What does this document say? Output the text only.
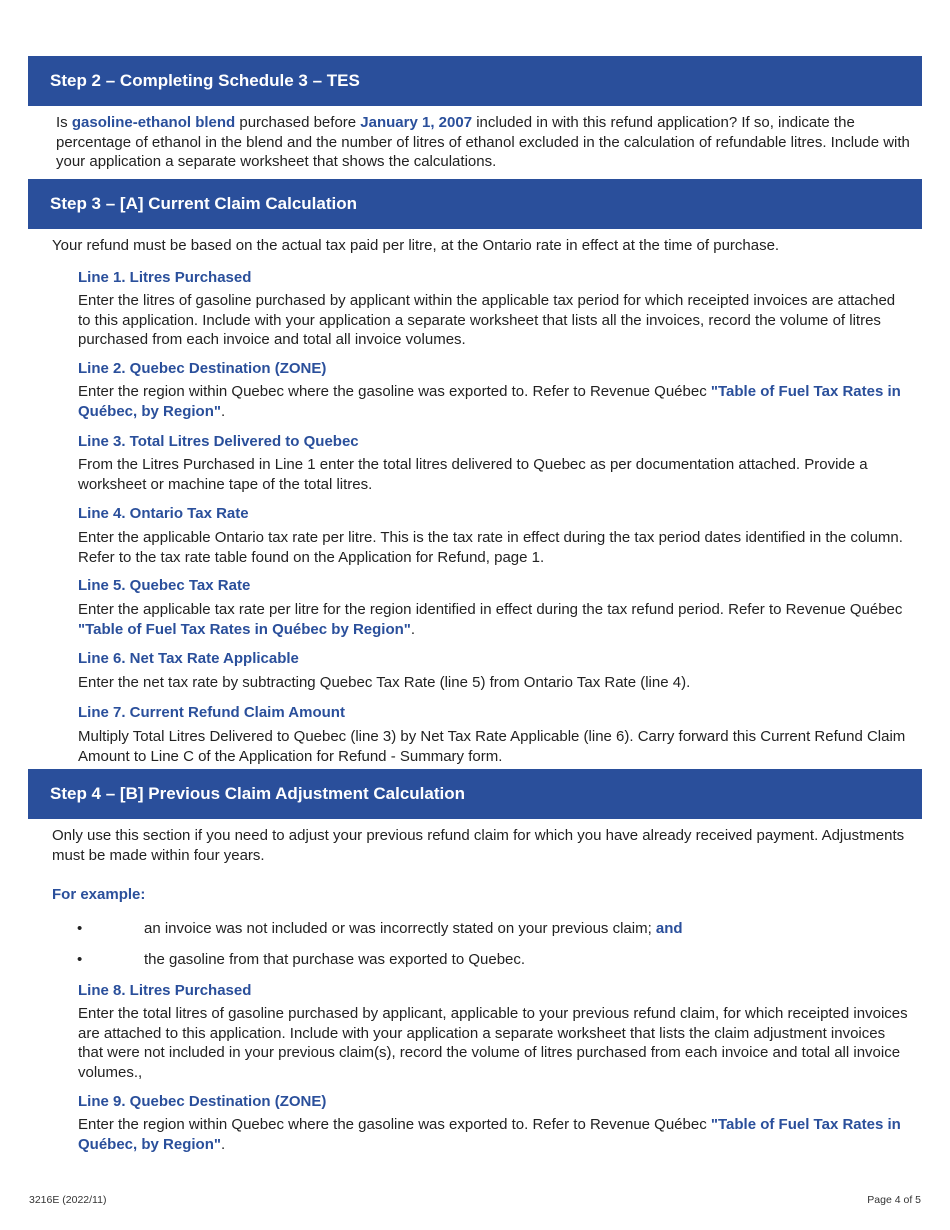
Step 2 – Completing Schedule 3 – TES
Is gasoline-ethanol blend purchased before January 1, 2007 included in with this refund application? If so, indicate the percentage of ethanol in the blend and the number of litres of ethanol excluded in the calculation of refundable litres. Include with your application a separate worksheet that shows the calculations.
Step 3 – [A] Current Claim Calculation
Your refund must be based on the actual tax paid per litre, at the Ontario rate in effect at the time of purchase.
Line 1. Litres Purchased
Enter the litres of gasoline purchased by applicant within the applicable tax period for which receipted invoices are attached to this application. Include with your application a separate worksheet that lists all the invoices, record the volume of litres purchased from each invoice and total all invoice volumes.
Line 2. Quebec Destination (ZONE)
Enter the region within Quebec where the gasoline was exported to. Refer to Revenue Québec "Table of Fuel Tax Rates in Québec, by Region".
Line 3. Total Litres Delivered to Quebec
From the Litres Purchased in Line 1 enter the total litres delivered to Quebec as per documentation attached. Provide a worksheet or machine tape of the total litres.
Line 4. Ontario Tax Rate
Enter the applicable Ontario tax rate per litre. This is the tax rate in effect during the tax period dates identified in the column. Refer to the tax rate table found on the Application for Refund, page 1.
Line 5. Quebec Tax Rate
Enter the applicable tax rate per litre for the region identified in effect during the tax refund period. Refer to Revenue Québec "Table of Fuel Tax Rates in Québec by Region".
Line 6. Net Tax Rate Applicable
Enter the net tax rate by subtracting Quebec Tax Rate (line 5) from Ontario Tax Rate (line 4).
Line 7. Current Refund Claim Amount
Multiply Total Litres Delivered to Quebec (line 3) by Net Tax Rate Applicable (line 6). Carry forward this Current Refund Claim Amount to Line C of the Application for Refund - Summary form.
Step 4 – [B] Previous Claim Adjustment Calculation
Only use this section if you need to adjust your previous refund claim for which you have already received payment. Adjustments must be made within four years.
For example:
•	an invoice was not included or was incorrectly stated on your previous claim; and
•	the gasoline from that purchase was exported to Quebec.
Line 8. Litres Purchased
Enter the total litres of gasoline purchased by applicant, applicable to your previous refund claim, for which receipted invoices are attached to this application. Include with your application a separate worksheet that lists the claim adjustment invoices that were not included in your previous claim(s), record the volume of litres purchased from each invoice and total all invoice volumes.,
Line 9. Quebec Destination (ZONE)
Enter the region within Quebec where the gasoline was exported to. Refer to Revenue Québec "Table of Fuel Tax Rates in Québec, by Region".
3216E (2022/11)	Page 4 of 5
